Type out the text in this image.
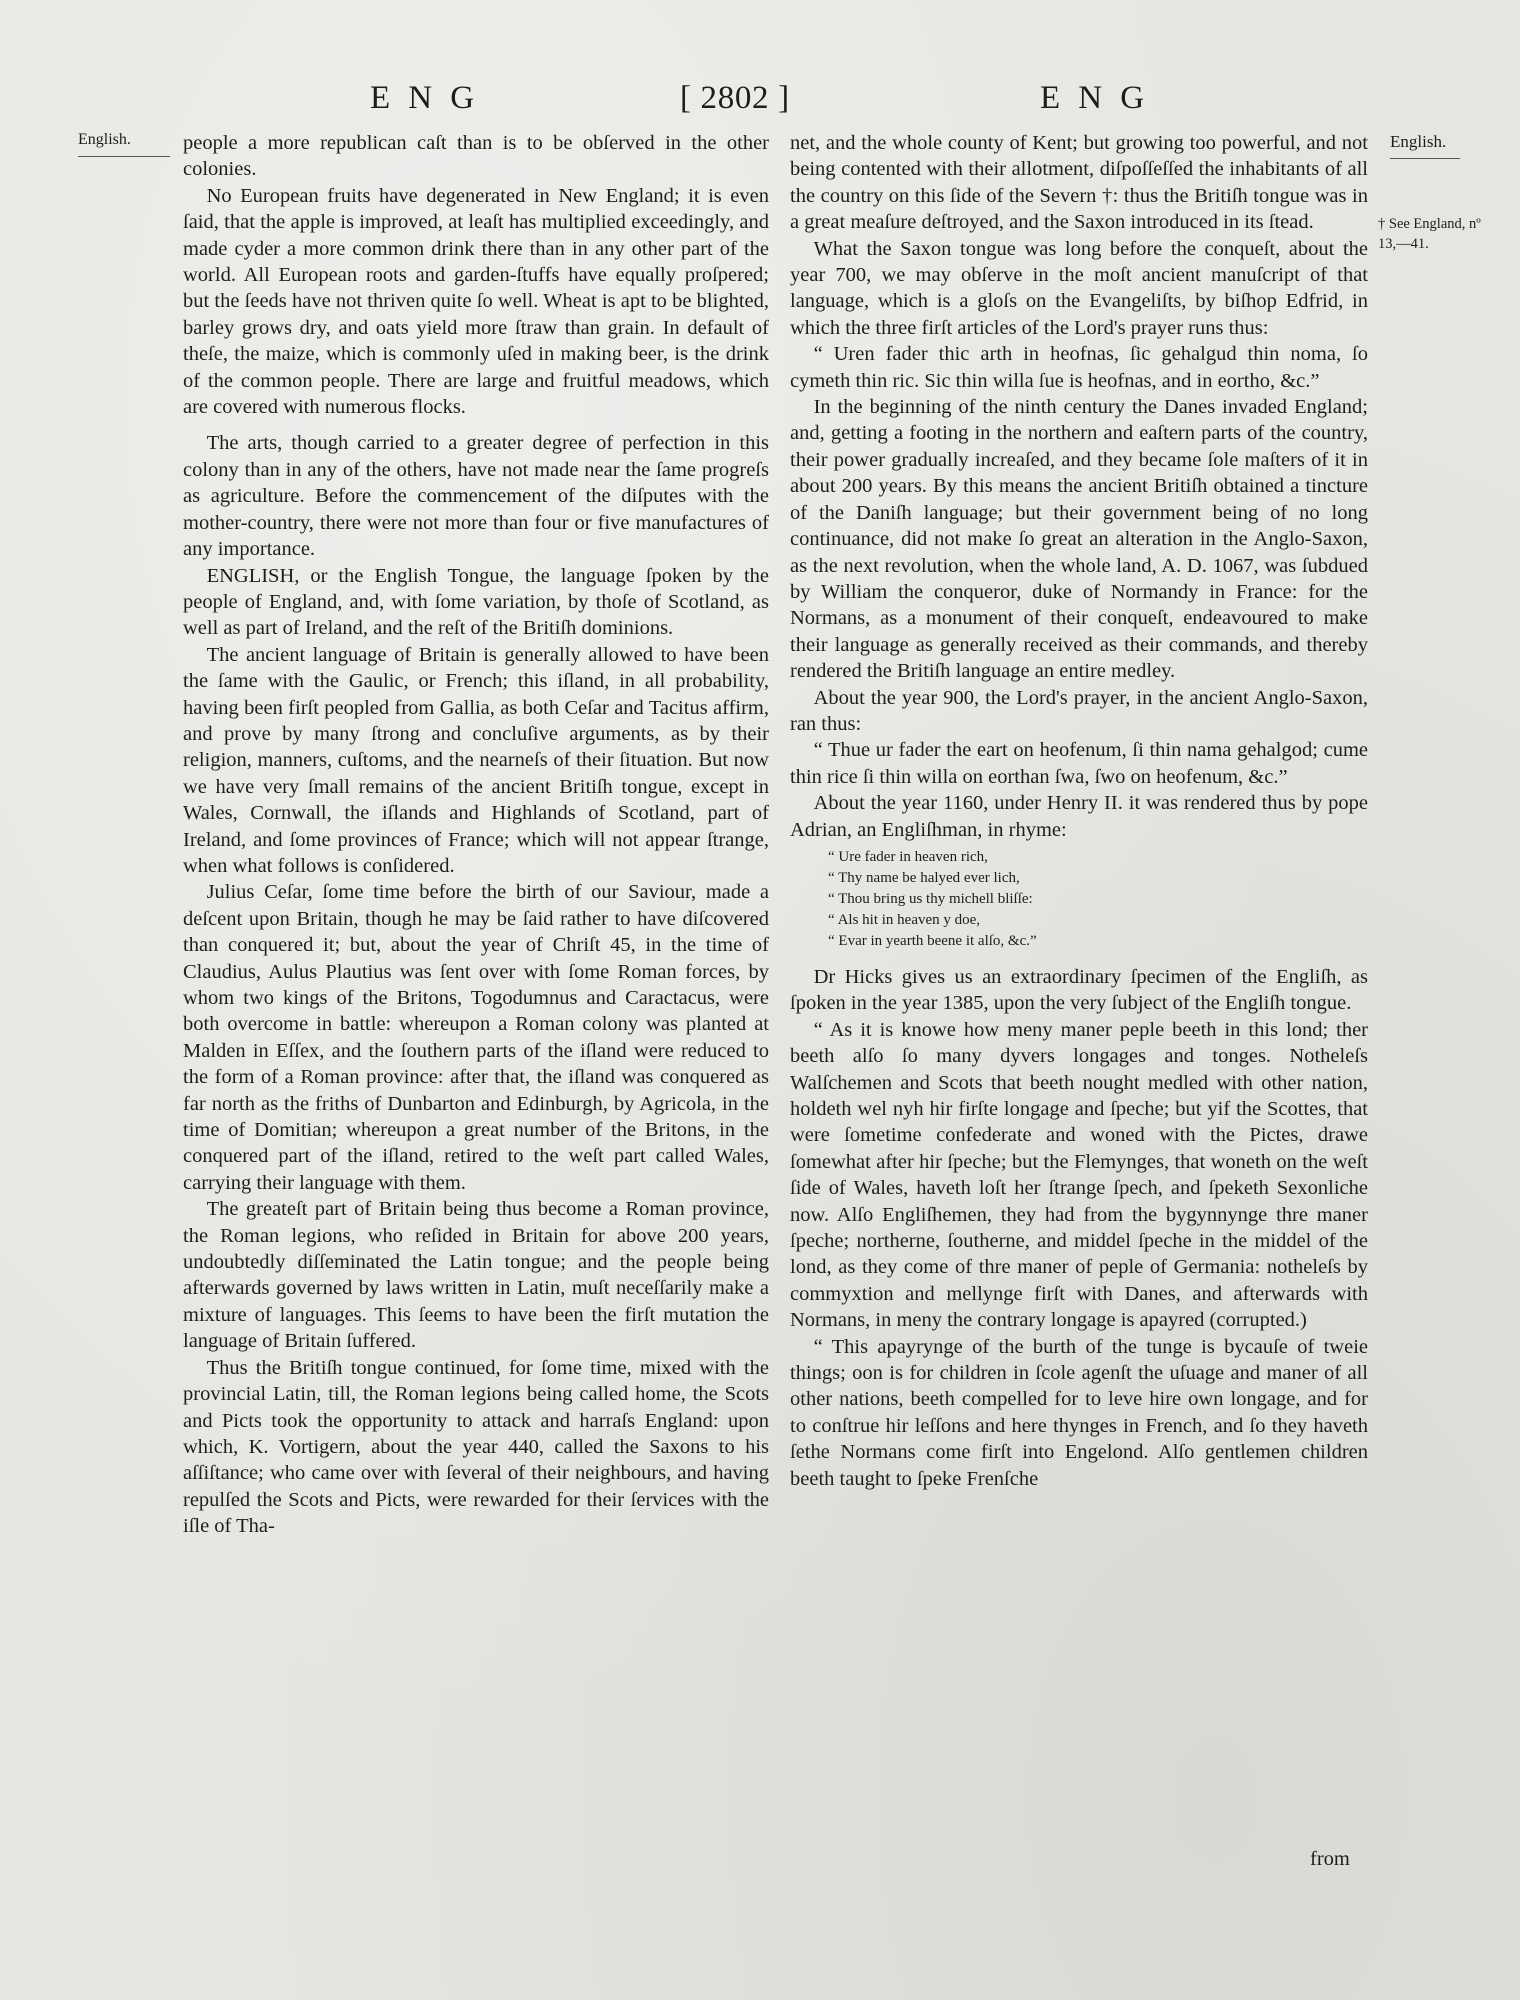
ENG	[ 2802 ]	ENG
English.	English.
† See England, nº 13,—41.

people a more republican caſt than is to be obſerved in the other colonies.

No European fruits have degenerated in New England; it is even ſaid, that the apple is improved, at leaſt has multiplied exceedingly, and made cyder a more common drink there than in any other part of the world. All European roots and garden-ſtuffs have equally proſpered; but the ſeeds have not thriven quite ſo well. Wheat is apt to be blighted, barley grows dry, and oats yield more ſtraw than grain. In default of theſe, the maize, which is commonly uſed in making beer, is the drink of the common people. There are large and fruitful meadows, which are covered with numerous flocks.

The arts, though carried to a greater degree of perfection in this colony than in any of the others, have not made near the ſame progreſs as agriculture. Before the commencement of the diſputes with the mother-country, there were not more than four or five manufactures of any importance.

ENGLISH, or the English Tongue, the language ſpoken by the people of England, and, with ſome variation, by thoſe of Scotland, as well as part of Ireland, and the reſt of the Britiſh dominions.

The ancient language of Britain is generally allowed to have been the ſame with the Gaulic, or French; this iſland, in all probability, having been firſt peopled from Gallia, as both Ceſar and Tacitus affirm, and prove by many ſtrong and concluſive arguments, as by their religion, manners, cuſtoms, and the nearneſs of their ſituation. But now we have very ſmall remains of the ancient Britiſh tongue, except in Wales, Cornwall, the iſlands and Highlands of Scotland, part of Ireland, and ſome provinces of France; which will not appear ſtrange, when what follows is conſidered.

Julius Ceſar, ſome time before the birth of our Saviour, made a deſcent upon Britain, though he may be ſaid rather to have diſcovered than conquered it; but, about the year of Chriſt 45, in the time of Claudius, Aulus Plautius was ſent over with ſome Roman forces, by whom two kings of the Britons, Togodumnus and Caractacus, were both overcome in battle: whereupon a Roman colony was planted at Malden in Eſſex, and the ſouthern parts of the iſland were reduced to the form of a Roman province: after that, the iſland was conquered as far north as the friths of Dunbarton and Edinburgh, by Agricola, in the time of Domitian; whereupon a great number of the Britons, in the conquered part of the iſland, retired to the weſt part called Wales, carrying their language with them.

The greateſt part of Britain being thus become a Roman province, the Roman legions, who reſided in Britain for above 200 years, undoubtedly diſſeminated the Latin tongue; and the people being afterwards governed by laws written in Latin, muſt neceſſarily make a mixture of languages. This ſeems to have been the firſt mutation the language of Britain ſuffered.

Thus the Britiſh tongue continued, for ſome time, mixed with the provincial Latin, till, the Roman legions being called home, the Scots and Picts took the opportunity to attack and harraſs England: upon which, K. Vortigern, about the year 440, called the Saxons to his aſſiſtance; who came over with ſeveral of their neighbours, and having repulſed the Scots and Picts, were rewarded for their ſervices with the iſle of Tha-

net, and the whole county of Kent; but growing too powerful, and not being contented with their allotment, diſpoſſeſſed the inhabitants of all the country on this ſide of the Severn †: thus the Britiſh tongue was in a great meaſure deſtroyed, and the Saxon introduced in its ſtead.

What the Saxon tongue was long before the conqueſt, about the year 700, we may obſerve in the moſt ancient manuſcript of that language, which is a gloſs on the Evangeliſts, by biſhop Edfrid, in which the three firſt articles of the Lord's prayer runs thus:

“ Uren fader thic arth in heofnas, ſic gehalgud thin noma, ſo cymeth thin ric. Sic thin willa ſue is heofnas, and in eortho, &c.”

In the beginning of the ninth century the Danes invaded England; and, getting a footing in the northern and eaſtern parts of the country, their power gradually increaſed, and they became ſole maſters of it in about 200 years. By this means the ancient Britiſh obtained a tincture of the Daniſh language; but their government being of no long continuance, did not make ſo great an alteration in the Anglo-Saxon, as the next revolution, when the whole land, A. D. 1067, was ſubdued by William the conqueror, duke of Normandy in France: for the Normans, as a monument of their conqueſt, endeavoured to make their language as generally received as their commands, and thereby rendered the Britiſh language an entire medley.

About the year 900, the Lord's prayer, in the ancient Anglo-Saxon, ran thus:

“ Thue ur fader the eart on heofenum, ſi thin nama gehalgod; cume thin rice ſi thin willa on eorthan ſwa, ſwo on heofenum, &c.”

About the year 1160, under Henry II. it was rendered thus by pope Adrian, an Engliſhman, in rhyme:

“ Ure fader in heaven rich,
“ Thy name be halyed ever lich,
“ Thou bring us thy michell bliſſe:
“ Als hit in heaven y doe,
“ Evar in yearth beene it alſo, &c.”

Dr Hicks gives us an extraordinary ſpecimen of the Engliſh, as ſpoken in the year 1385, upon the very ſubject of the Engliſh tongue.

“ As it is knowe how meny maner peple beeth in this lond; ther beeth alſo ſo many dyvers longages and tonges. Notheleſs Walſchemen and Scots that beeth nought medled with other nation, holdeth wel nyh hir firſte longage and ſpeche; but yif the Scottes, that were ſometime confederate and woned with the Pictes, drawe ſomewhat after hir ſpeche; but the Flemynges, that woneth on the weſt ſide of Wales, haveth loſt her ſtrange ſpech, and ſpeketh Sexonliche now. Alſo Engliſhemen, they had from the bygynnynge thre maner ſpeche; northerne, ſoutherne, and middel ſpeche in the middel of the lond, as they come of thre maner of peple of Germania: notheleſs by commyxtion and mellynge firſt with Danes, and afterwards with Normans, in meny the contrary longage is apayred (corrupted.)

“ This apayrynge of the burth of the tunge is bycauſe of tweie things; oon is for children in ſcole agenſt the uſuage and maner of all other nations, beeth compelled for to leve hire own longage, and for to conſtrue hir leſſons and here thynges in French, and ſo they haveth ſethe Normans come firſt into Engelond. Alſo gentlemen children beeth taught to ſpeke Frenſche

from
